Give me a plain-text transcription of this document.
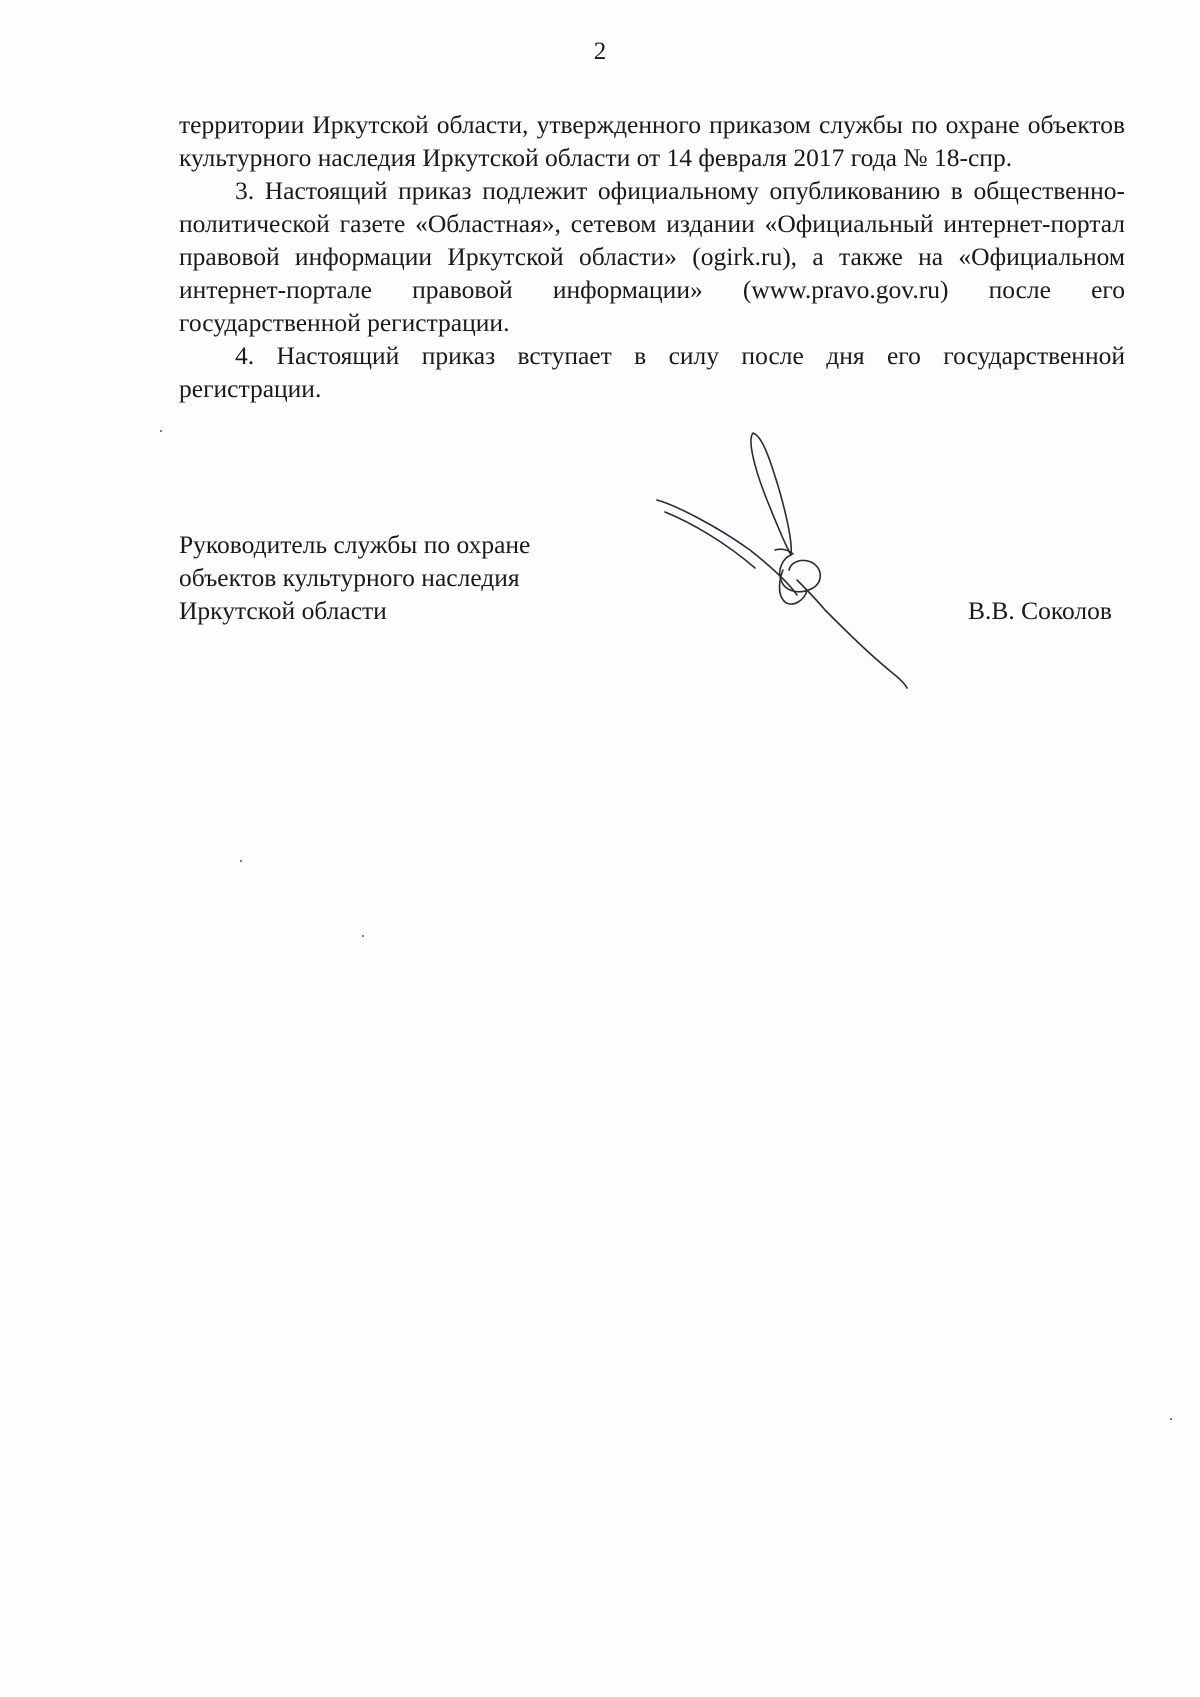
2

территории Иркутской области, утвержденного приказом службы по охране объектов культурного наследия Иркутской области от 14 февраля 2017 года № 18-спр.

3. Настоящий приказ подлежит официальному опубликованию в общественно-политической газете «Областная», сетевом издании «Официальный интернет-портал правовой информации Иркутской области» (ogirk.ru), а также на «Официальном интернет-портале правовой информации» (www.pravo.gov.ru) после его государственной регистрации.

4. Настоящий приказ вступает в силу после дня его государственной регистрации.

Руководитель службы по охране
объектов культурного наследия
Иркутской области	В.В. Соколов
